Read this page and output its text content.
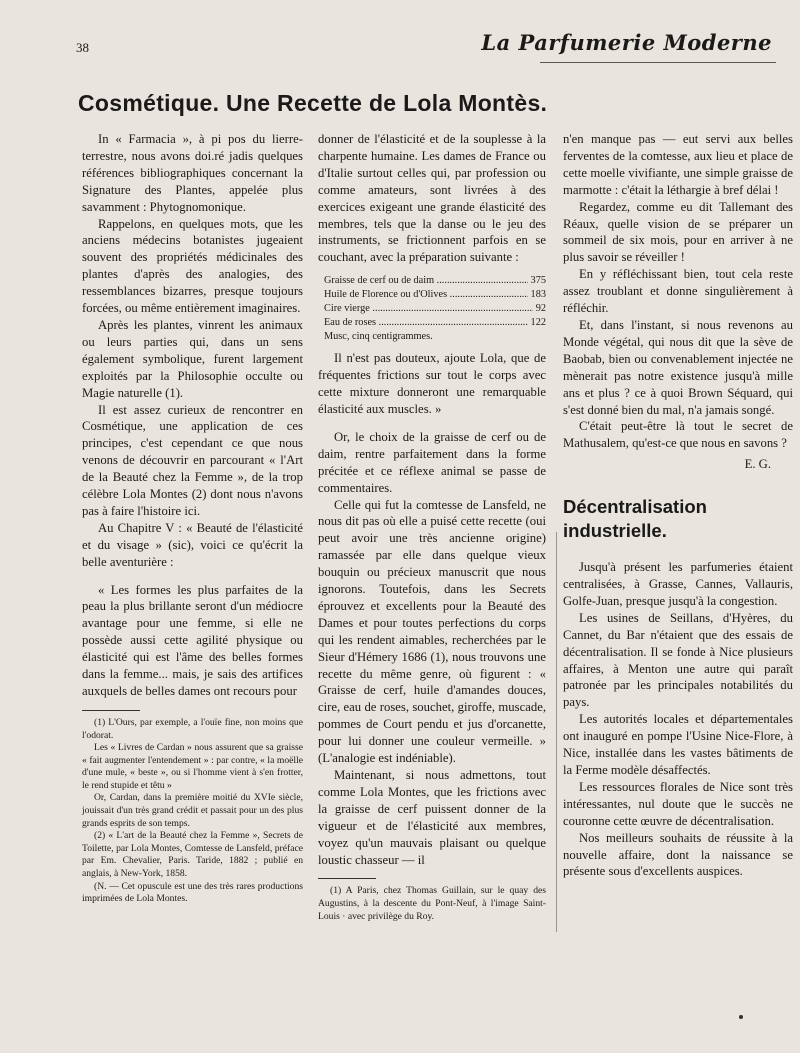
38	La Parfumerie Moderne
Cosmétique. Une Recette de Lola Montès.

In « Farmacia », à pi pos du lierre-terrestre, nous avons doi.ré jadis quelques références bibliographiques concernant la Signature des Plantes, appelée plus savamment : Phytognomonique.

Rappelons, en quelques mots, que les anciens médecins botanistes jugeaient souvent des propriétés médicinales des plantes d'après des analogies, des ressemblances bizarres, presque toujours forcées, ou même entièrement imaginaires.

Après les plantes, vinrent les animaux ou leurs parties qui, dans un sens également symbolique, furent largement exploités par la Philosophie occulte ou Magie naturelle (1).

Il est assez curieux de rencontrer en Cosmétique, une application de ces principes, c'est cependant ce que nous venons de découvrir en parcourant « l'Art de la Beauté chez la Femme », de la trop célèbre Lola Montes (2) dont nous n'avons pas à faire l'histoire ici.

Au Chapitre V : « Beauté de l'élasticité et du visage » (sic), voici ce qu'écrit la belle aventurière :

« Les formes les plus parfaites de la peau la plus brillante seront d'un médiocre avantage pour une femme, si elle ne possède aussi cette agilité physique ou élasticité qui est l'âme des belles formes dans la femme... mais, je sais des artifices auxquels de belles dames ont recours pour

(1) L'Ours, par exemple, a l'ouïe fine, non moins que l'odorat.

Les « Livres de Cardan » nous assurent que sa graisse « fait augmenter l'entendement » : par contre, « la moëlle d'une mule, « beste », ou si l'homme vient à s'en frotter, le rend stupide et têtu »

Or, Cardan, dans la première moitié du XVIe siècle, jouissait d'un très grand crédit et passait pour un des plus grands esprits de son temps.

(2) « L'art de la Beauté chez la Femme », Secrets de Toilette, par Lola Montes, Comtesse de Lansfeld, préface par Em. Chevalier, Paris. Taride, 1882 ; publié en anglais, à New-York, 1858.

(N. — Cet opuscule est une des très rares productions imprimées de Lola Montes.

donner de l'élasticité et de la souplesse à la charpente humaine. Les dames de France ou d'Italie surtout celles qui, par profession ou comme amateurs, sont livrées à des exercices exigeant une grande élasticité des membres, tels que la danse ou le jeu des instruments, se frictionnent parfois en se couchant, avec la préparation suivante :

Graisse de cerf ou de daim .....	375
Huile de Florence ou d'Olives .....	183
Cire vierge .....	92
Eau de roses .....	122
Musc, cinq centigrammes.

Il n'est pas douteux, ajoute Lola, que de fréquentes frictions sur tout le corps avec cette mixture donneront une remarquable élasticité aux muscles. »

Or, le choix de la graisse de cerf ou de daim, rentre parfaitement dans la forme précitée et ce réflexe animal se passe de commentaires.

Celle qui fut la comtesse de Lansfeld, ne nous dit pas où elle a puisé cette recette (oui peut avoir une très ancienne origine) ramassée par elle dans quelque vieux bouquin ou précieux manuscrit que nous ignorons. Toutefois, dans les Secrets éprouvez et excellents pour la Beauté des Dames et pour toutes perfections du corps qui les rendent aimables, recherchées par le Sieur d'Hémery 1686 (1), nous trouvons une recette du même genre, où figurent : « Graisse de cerf, huile d'amandes douces, cire, eau de roses, souchet, giroffe, muscade, pommes de Court pendu et jus d'orcanette, pour lui donner une couleur vermeille. » (L'analogie est indéniable).

Maintenant, si nous admettons, tout comme Lola Montes, que les frictions avec la graisse de cerf puissent donner de la vigueur et de l'élasticité aux membres, voyez qu'un mauvais plaisant ou quelque loustic chasseur — il

(1) A Paris, chez Thomas Guillain, sur le quay des Augustins, à la descente du Pont-Neuf, à l'image Saint-Louis · avec privilège du Roy.

n'en manque pas — eut servi aux belles ferventes de la comtesse, aux lieu et place de cette moelle vivifiante, une simple graisse de marmotte : c'était la léthargie à bref délai !

Regardez, comme eu dit Tallemant des Réaux, quelle vision de se préparer un sommeil de six mois, pour en arriver à ne plus savoir se réveiller !

En y réfléchissant bien, tout cela reste assez troublant et donne singulièrement à réfléchir.

Et, dans l'instant, si nous revenons au Monde végétal, qui nous dit que la sève de Baobab, bien ou convenablement injectée ne mènerait pas notre existence jusqu'à mille ans et plus ? ce à quoi Brown Séquard, qui s'est donné bien du mal, n'a jamais songé.

C'était peut-être là tout le secret de Mathusalem, qu'est-ce que nous en savons ?

E. G.
Décentralisation industrielle.

Jusqu'à présent les parfumeries étaient centralisées, à Grasse, Cannes, Vallauris, Golfe-Juan, presque jusqu'à la congestion.

Les usines de Seillans, d'Hyères, du Cannet, du Bar n'étaient que des essais de décentralisation. Il se fonde à Nice plusieurs affaires, à Menton une autre qui paraît patronée par les principales notabilités du pays.

Les autorités locales et départementales ont inauguré en pompe l'Usine Nice-Flore, à Nice, installée dans les vastes bâtiments de la Ferme modèle désaffectés.

Les ressources florales de Nice sont très intéressantes, nul doute que le succès ne couronne cette œuvre de décentralisation.

Nos meilleurs souhaits de réussite à la nouvelle affaire, dont la naissance se présente sous d'excellents auspices.
